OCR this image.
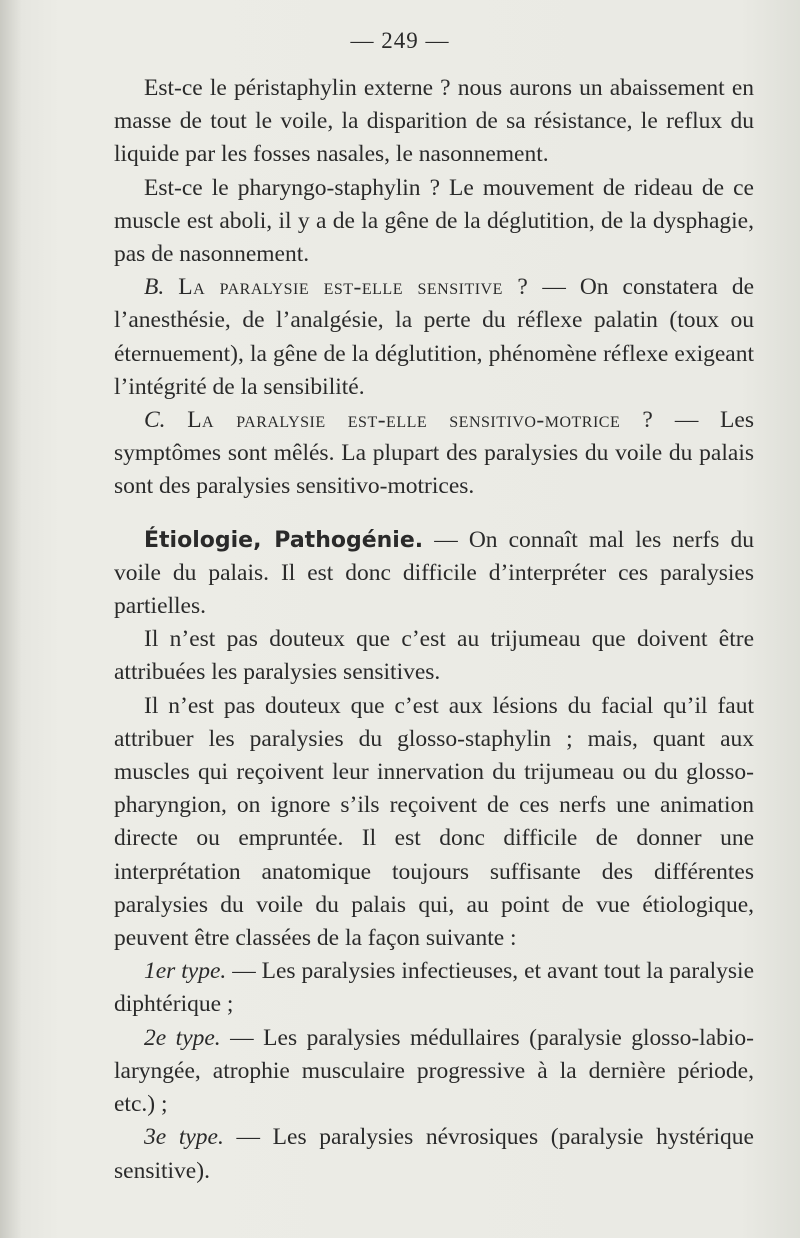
— 249 —

Est-ce le péristaphylin externe ? nous aurons un abaissement en masse de tout le voile, la disparition de sa résistance, le reflux du liquide par les fosses nasales, le nasonnement.

Est-ce le pharyngo-staphylin ? Le mouvement de rideau de ce muscle est aboli, il y a de la gêne de la déglutition, de la dysphagie, pas de nasonnement.

B. La paralysie est-elle sensitive ? — On constatera de l’anesthésie, de l’analgésie, la perte du réflexe palatin (toux ou éternuement), la gêne de la déglutition, phénomène réflexe exigeant l’intégrité de la sensibilité.

C. La paralysie est-elle sensitivo-motrice ? — Les symptômes sont mêlés. La plupart des paralysies du voile du palais sont des paralysies sensitivo-motrices.

Étiologie, Pathogénie. — On connaît mal les nerfs du voile du palais. Il est donc difficile d’interpréter ces paralysies partielles.

Il n’est pas douteux que c’est au trijumeau que doivent être attribuées les paralysies sensitives.

Il n’est pas douteux que c’est aux lésions du facial qu’il faut attribuer les paralysies du glosso-staphylin ; mais, quant aux muscles qui reçoivent leur innervation du trijumeau ou du glosso-pharyngion, on ignore s’ils reçoivent de ces nerfs une animation directe ou empruntée. Il est donc difficile de donner une interprétation anatomique toujours suffisante des différentes paralysies du voile du palais qui, au point de vue étiologique, peuvent être classées de la façon suivante :

1er type. — Les paralysies infectieuses, et avant tout la paralysie diphtérique ;

2e type. — Les paralysies médullaires (paralysie glosso-labio-laryngée, atrophie musculaire progressive à la dernière période, etc.) ;

3e type. — Les paralysies névrosiques (paralysie hystérique sensitive).
